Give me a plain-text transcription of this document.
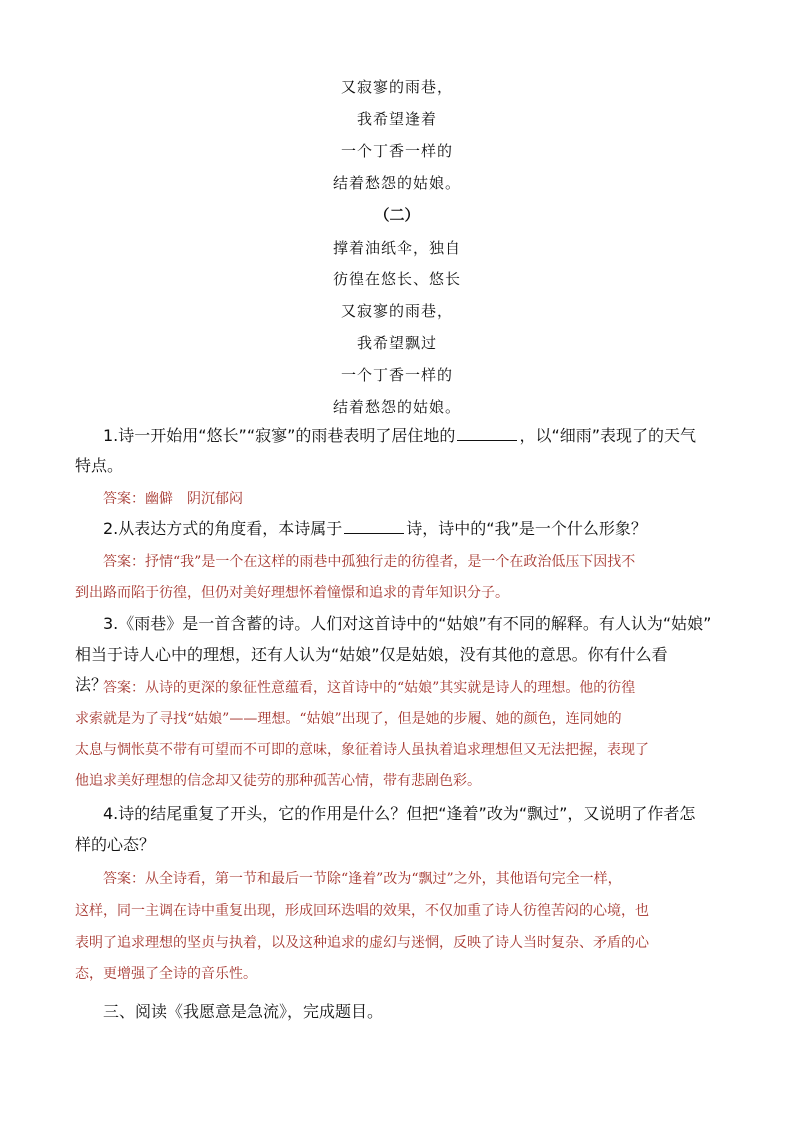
又寂寥的雨巷，
我希望逢着
一个丁香一样的
结着愁怨的姑娘。
（二）
撑着油纸伞，独自
彷徨在悠长、悠长
又寂寥的雨巷，
我希望飘过
一个丁香一样的
结着愁怨的姑娘。
1.诗一开始用“悠长”“寂寥”的雨巷表明了居住地的	，以“细雨”表现了的天气
特点。
答案：幽僻　阴沉郁闷
2.从表达方式的角度看，本诗属于	诗，诗中的“我”是一个什么形象？
答案：抒情“我”是一个在这样的雨巷中孤独行走的彷徨者，是一个在政治低压下因找不
到出路而陷于彷徨，但仍对美好理想怀着憧憬和追求的青年知识分子。
3.《雨巷》是一首含蓄的诗。人们对这首诗中的“姑娘”有不同的解释。有人认为“姑娘”
相当于诗人心中的理想，还有人认为“姑娘”仅是姑娘，没有其他的意思。你有什么看法？
答案：从诗的更深的象征性意蕴看，这首诗中的“姑娘”其实就是诗人的理想。他的彷徨
求索就是为了寻找“姑娘”——理想。“姑娘”出现了，但是她的步履、她的颜色，连同她的
太息与惆怅莫不带有可望而不可即的意味，象征着诗人虽执着追求理想但又无法把握，表现了
他追求美好理想的信念却又徒劳的那种孤苦心情，带有悲剧色彩。
4.诗的结尾重复了开头，它的作用是什么？但把“逢着”改为“飘过”，又说明了作者怎
样的心态？
答案：从全诗看，第一节和最后一节除“逢着”改为“飘过”之外，其他语句完全一样，
这样，同一主调在诗中重复出现，形成回环迭唱的效果，不仅加重了诗人彷徨苦闷的心境，也
表明了追求理想的坚贞与执着，以及这种追求的虚幻与迷惘，反映了诗人当时复杂、矛盾的心
态，更增强了全诗的音乐性。
三、阅读《我愿意是急流》，完成题目。
